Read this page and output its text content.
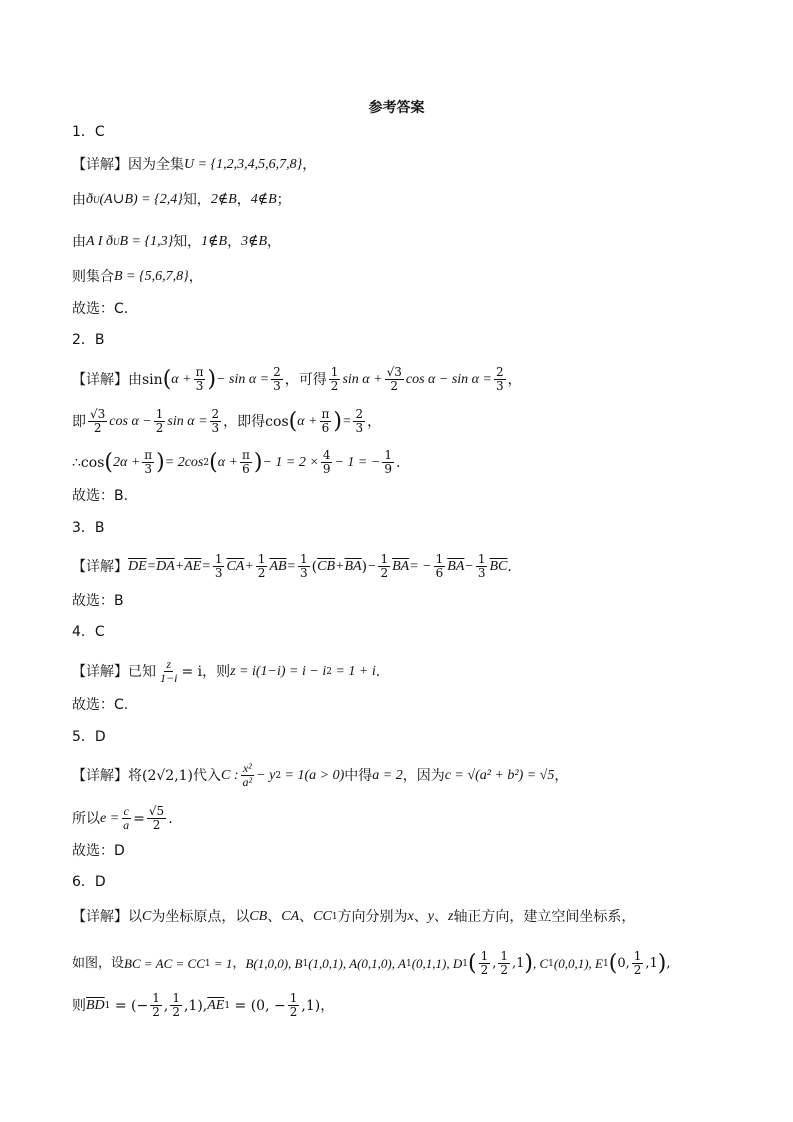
参考答案
1．C
【详解】因为全集 U = {1,2,3,4,5,6,7,8} ，
由 ð U (A∪B) = {2,4} 知， 2∉B ， 4∉B ；
由 A I ð U B = {1,3} 知， 1∉B ， 3∉B ，
则集合 B = {5,6,7,8} ，
故选：C.
2．B
【详解】由 sin ( $\alpha + \frac{\pi}{3}$ ) − $\sin \alpha = \frac{2}{3}$ ，可得 $\frac{1}{2}$ $\sin \alpha + \frac{√3}{2}$ $\cos \alpha - \sin \alpha = \frac{2}{3}$ ，
即 $\frac{√3}{2}$ $\cos \alpha - \frac{1}{2}$ $\sin \alpha = \frac{2}{3}$ ，即得 cos ( $\alpha + \frac{\pi}{6}$ ) = $\frac{2}{3}$ ，
∴ cos ( $2\alpha + \frac{\pi}{3}$ ) = 2cos 2 ( $\alpha + \frac{\pi}{6}$ ) − $1 = 2 \times \frac{4}{9} - 1$ = − $\frac{1}{9}$ .
故选：B.
3．B
【详解】 $\overline{DE} = \overline{DA} + \overline{AE} = \frac{1}{3} \overline{CA} + \frac{1}{2} \overline{AB} = \frac{1}{3}$ ( $\overline{CB} + \overline{BA}$ ) − $\frac{1}{2} \overline{BA}$ = − $\frac{1}{6} \overline{BA} - \frac{1}{3} \overline{BC}$ .
故选：B
4．C
【详解】已知 $\frac{z}{1-i} = i$ ，则 z = i(1−i) = i − i 2 = 1 + i .
故选：C.
5．D
【详解】将 (2√2,1) 代入 C : $\frac{\text{x²}}{\text{a²}} - y$ 2 = 1(a > 0) 中得 a = 2 ，因为 c = √(a² + b²) = √5 ，
所以 $e = \frac{c}{a} = \frac{√5}{2}$ .
故选：D
6．D
【详解】以 C 为坐标原点，以 CB 、 CA 、 CC 1 方向分别为 x 、 y 、 z 轴正方向，建立空间坐标系，
如图，设 BC = AC = CC 1 = 1 ， B(1,0,0), B 1 (1,0,1), A(0,1,0), A 1 (0,1,1), D 1 ( $\frac{1}{2}$ , $\frac{1}{2} ,1$ ) , C 1 (0,0,1), E 1 ( 0, $\frac{1}{2} ,1$ ) ,
则 $\overline{BD}$ 1 = (− $\frac{1}{2}$ , $\frac{1}{2} ,1$), $\overline{AE}$ 1 = (0, − $\frac{1}{2} ,1$) ，
